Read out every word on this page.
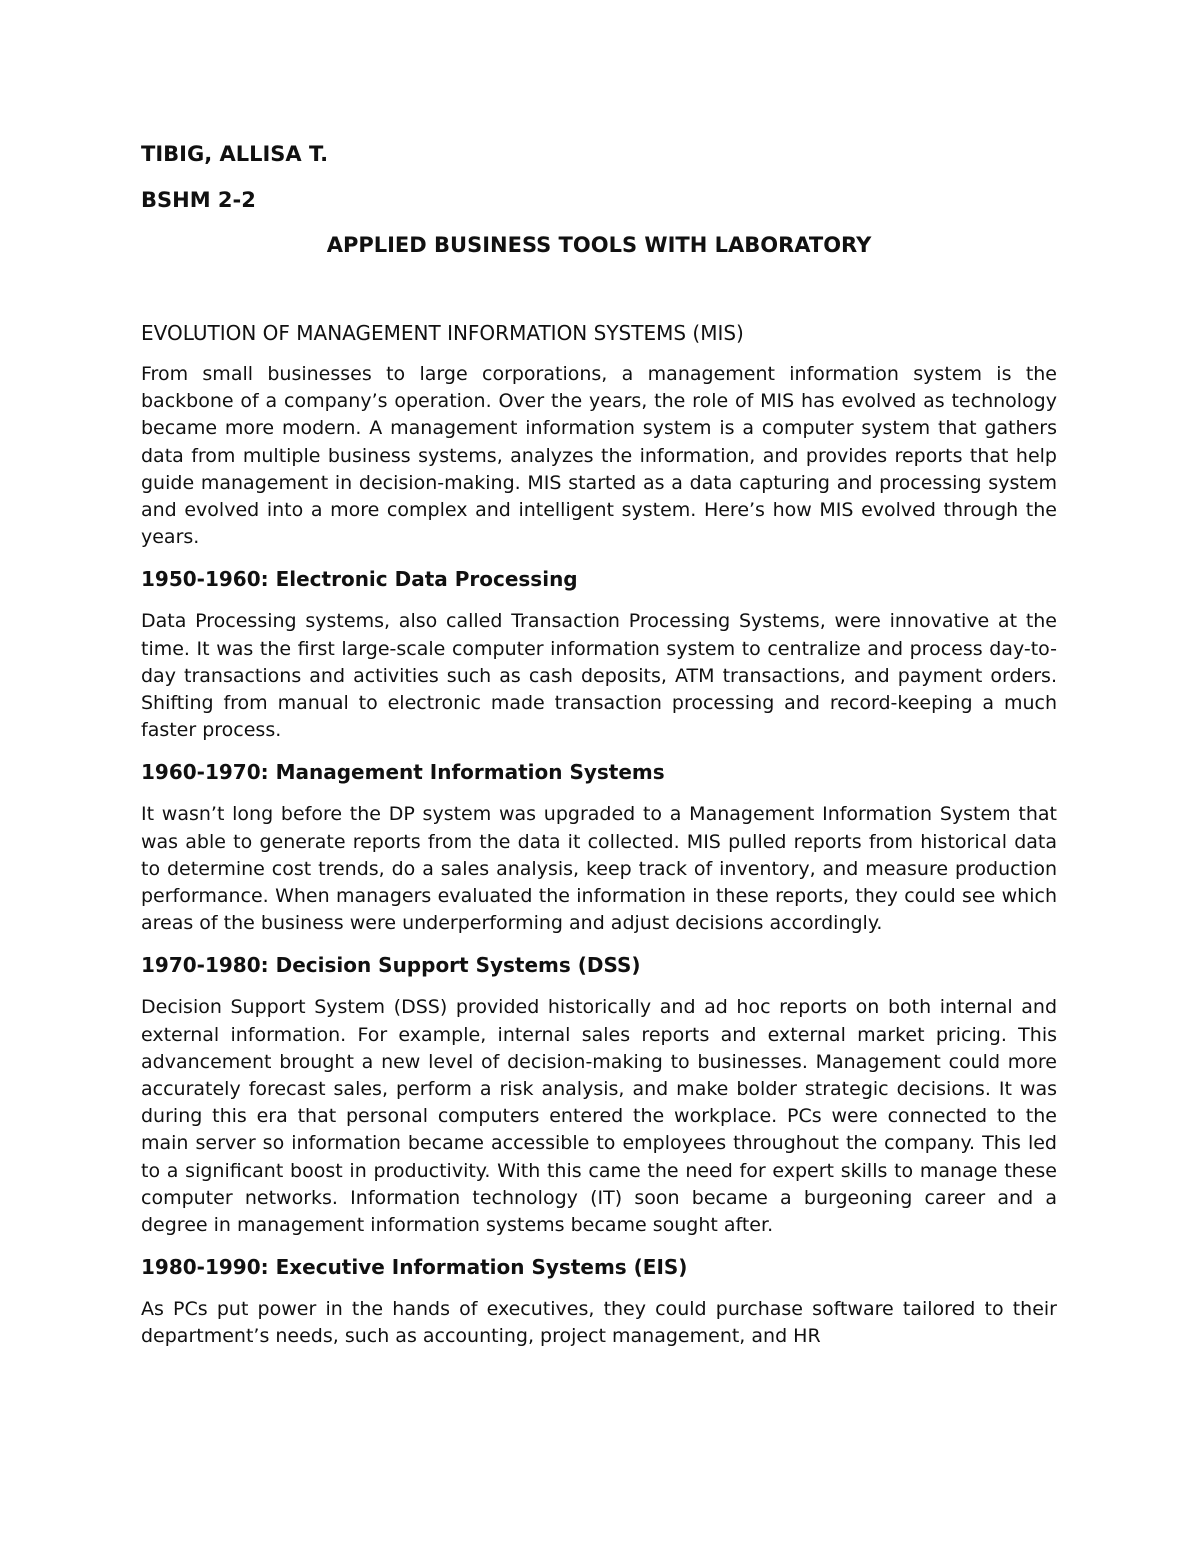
TIBIG, ALLISA T.
BSHM 2-2
APPLIED BUSINESS TOOLS WITH LABORATORY
EVOLUTION OF MANAGEMENT INFORMATION SYSTEMS (MIS)

From small businesses to large corporations, a management information system is the backbone of a company’s operation. Over the years, the role of MIS has evolved as technology became more modern. A management information system is a computer system that gathers data from multiple business systems, analyzes the information, and provides reports that help guide management in decision-making. MIS started as a data capturing and processing system and evolved into a more complex and intelligent system. Here’s how MIS evolved through the years.

1950-1960: Electronic Data Processing

Data Processing systems, also called Transaction Processing Systems, were innovative at the time. It was the first large-scale computer information system to centralize and process day-to-day transactions and activities such as cash deposits, ATM transactions, and payment orders. Shifting from manual to electronic made transaction processing and record-keeping a much faster process.

1960-1970: Management Information Systems

It wasn’t long before the DP system was upgraded to a Management Information System that was able to generate reports from the data it collected. MIS pulled reports from historical data to determine cost trends, do a sales analysis, keep track of inventory, and measure production performance. When managers evaluated the information in these reports, they could see which areas of the business were underperforming and adjust decisions accordingly.

1970-1980: Decision Support Systems (DSS)

Decision Support System (DSS) provided historically and ad hoc reports on both internal and external information. For example, internal sales reports and external market pricing. This advancement brought a new level of decision-making to businesses. Management could more accurately forecast sales, perform a risk analysis, and make bolder strategic decisions. It was during this era that personal computers entered the workplace. PCs were connected to the main server so information became accessible to employees throughout the company. This led to a significant boost in productivity. With this came the need for expert skills to manage these computer networks. Information technology (IT) soon became a burgeoning career and a degree in management information systems became sought after.

1980-1990: Executive Information Systems (EIS)

As PCs put power in the hands of executives, they could purchase software tailored to their department’s needs, such as accounting, project management, and HR
